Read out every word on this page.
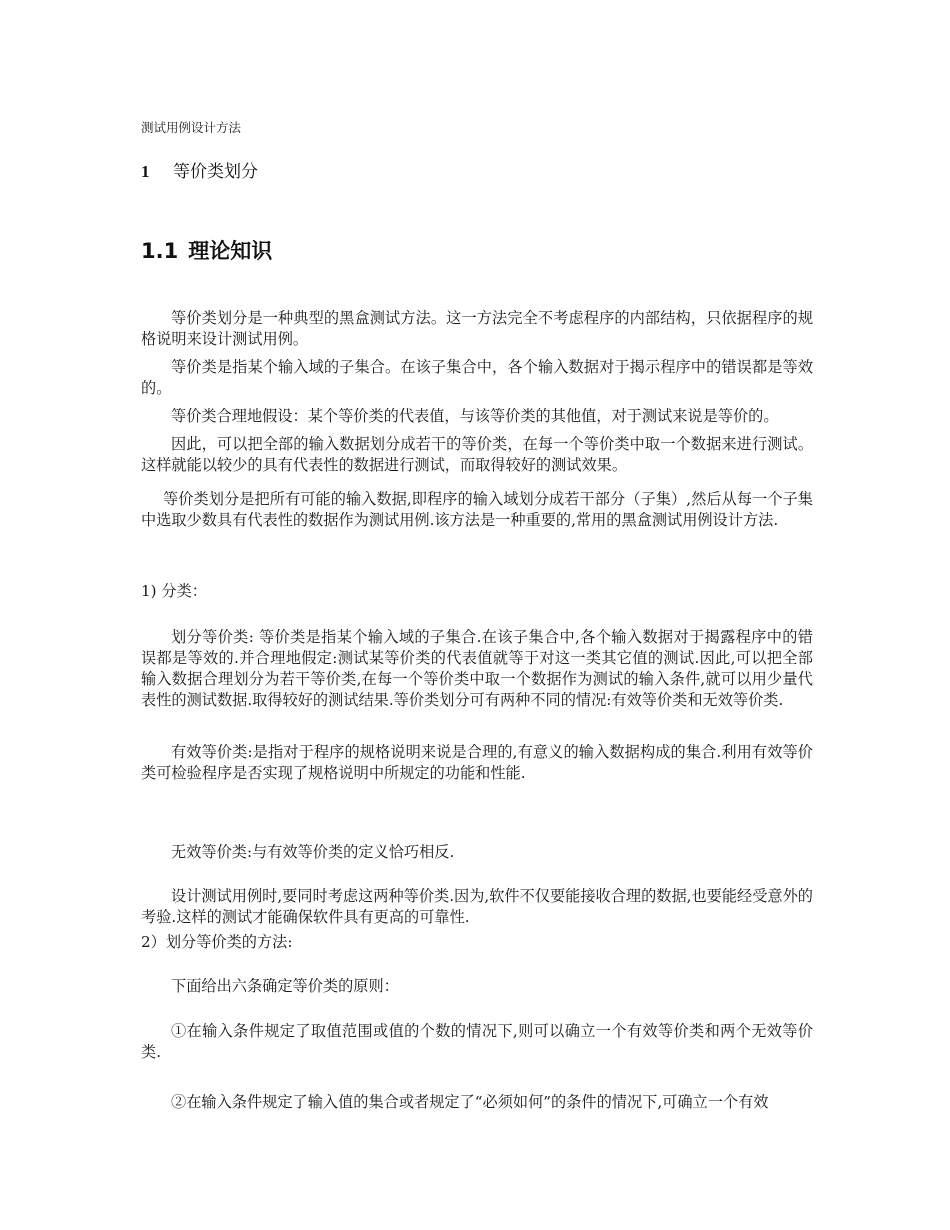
测试用例设计方法
1 等价类划分
1.1 理论知识
等价类划分是一种典型的黑盒测试方法。这一方法完全不考虑程序的内部结构，只依据程序的规格说明来设计测试用例。
等价类是指某个输入域的子集合。在该子集合中，各个输入数据对于揭示程序中的错误都是等效的。
等价类合理地假设：某个等价类的代表值，与该等价类的其他值，对于测试来说是等价的。
因此，可以把全部的输入数据划分成若干的等价类，在每一个等价类中取一个数据来进行测试。这样就能以较少的具有代表性的数据进行测试，而取得较好的测试效果。
等价类划分是把所有可能的输入数据,即程序的输入域划分成若干部分（子集）,然后从每一个子集中选取少数具有代表性的数据作为测试用例.该方法是一种重要的,常用的黑盒测试用例设计方法.
1) 分类：
划分等价类: 等价类是指某个输入域的子集合.在该子集合中,各个输入数据对于揭露程序中的错误都是等效的.并合理地假定:测试某等价类的代表值就等于对这一类其它值的测试.因此,可以把全部输入数据合理划分为若干等价类,在每一个等价类中取一个数据作为测试的输入条件,就可以用少量代表性的测试数据.取得较好的测试结果.等价类划分可有两种不同的情况:有效等价类和无效等价类.
有效等价类:是指对于程序的规格说明来说是合理的,有意义的输入数据构成的集合.利用有效等价类可检验程序是否实现了规格说明中所规定的功能和性能.
无效等价类:与有效等价类的定义恰巧相反.
设计测试用例时,要同时考虑这两种等价类.因为,软件不仅要能接收合理的数据,也要能经受意外的考验.这样的测试才能确保软件具有更高的可靠性.
2）划分等价类的方法:
下面给出六条确定等价类的原则：
①在输入条件规定了取值范围或值的个数的情况下,则可以确立一个有效等价类和两个无效等价类.
②在输入条件规定了输入值的集合或者规定了“必须如何”的条件的情况下,可确立一个有效
